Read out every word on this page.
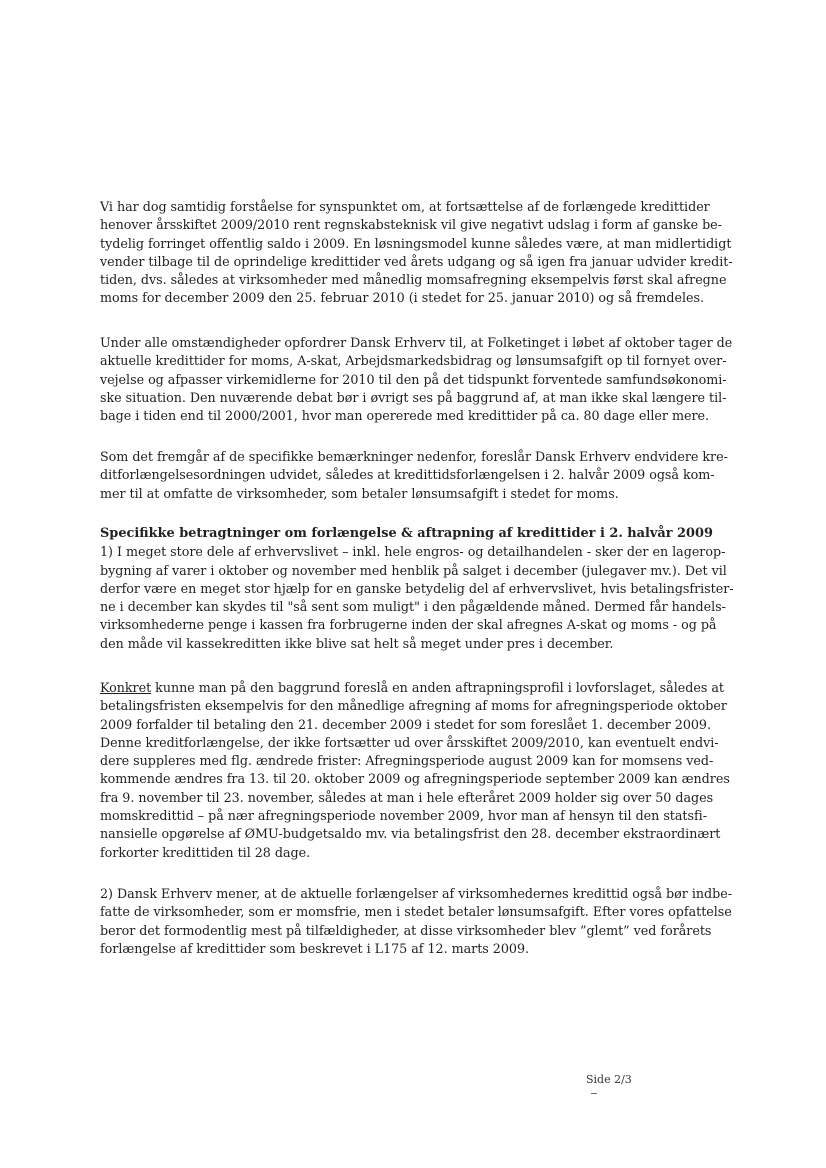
Vi har dog samtidig forståelse for synspunktet om, at fortsættelse af de forlængede kredittider
henover årsskiftet 2009/2010 rent regnskabsteknisk vil give negativt udslag i form af ganske be-
tydelig forringet offentlig saldo i 2009. En løsningsmodel kunne således være, at man midlertidigt
vender tilbage til de oprindelige kredittider ved årets udgang og så igen fra januar udvider kredit-
tiden, dvs. således at virksomheder med månedlig momsafregning eksempelvis først skal afregne
moms for december 2009 den 25. februar 2010 (i stedet for 25. januar 2010) og så fremdeles.
Under alle omstændigheder opfordrer Dansk Erhverv til, at Folketinget i løbet af oktober tager de
aktuelle kredittider for moms, A-skat, Arbejdsmarkedsbidrag og lønsumsafgift op til fornyet over-
vejelse og afpasser virkemidlerne for 2010 til den på det tidspunkt forventede samfundsøkonomi-
ske situation. Den nuværende debat bør i øvrigt ses på baggrund af, at man ikke skal længere til-
bage i tiden end til 2000/2001, hvor man opererede med kredittider på ca. 80 dage eller mere.
Som det fremgår af de specifikke bemærkninger nedenfor, foreslår Dansk Erhverv endvidere kre-
ditforlængelsesordningen udvidet, således at kredittidsforlængelsen i 2. halvår 2009 også kom-
mer til at omfatte de virksomheder, som betaler lønsumsafgift i stedet for moms.
Specifikke betragtninger om forlængelse & aftrapning af kredittider i 2. halvår 2009
1) I meget store dele af erhvervslivet – inkl. hele engros- og detailhandelen - sker der en lagerop-
bygning af varer i oktober og november med henblik på salget i december (julegaver mv.). Det vil
derfor være en meget stor hjælp for en ganske betydelig del af erhvervslivet, hvis betalingsfrister-
ne i december kan skydes til "så sent som muligt" i den pågældende måned. Dermed får handels-
virksomhederne penge i kassen fra forbrugerne inden der skal afregnes A-skat og moms - og på
den måde vil kassekreditten ikke blive sat helt så meget under pres i december.
Konkret kunne man på den baggrund foreslå en anden aftrapningsprofil i lovforslaget, således at
betalingsfristen eksempelvis for den månedlige afregning af moms for afregningsperiode oktober
2009 forfalder til betaling den 21. december 2009 i stedet for som foreslået 1. december 2009.
Denne kreditforlængelse, der ikke fortsætter ud over årsskiftet 2009/2010, kan eventuelt endvi-
dere suppleres med flg. ændrede frister: Afregningsperiode august 2009 kan for momsens ved-
kommende ændres fra 13. til 20. oktober 2009 og afregningsperiode september 2009 kan ændres
fra 9. november til 23. november, således at man i hele efteråret 2009 holder sig over 50 dages
momskredittid – på nær afregningsperiode november 2009, hvor man af hensyn til den statsfi-
nansielle opgørelse af ØMU-budgetsaldo mv. via betalingsfrist den 28. december ekstraordinært
forkorter kredittiden til 28 dage.
2) Dansk Erhverv mener, at de aktuelle forlængelser af virksomhedernes kredittid også bør indbe-
fatte de virksomheder, som er momsfrie, men i stedet betaler lønsumsafgift. Efter vores opfattelse
beror det formodentlig mest på tilfældigheder, at disse virksomheder blev ”glemt” ved forårets
forlængelse af kredittider som beskrevet i L175 af 12. marts 2009.
Side 2/3
